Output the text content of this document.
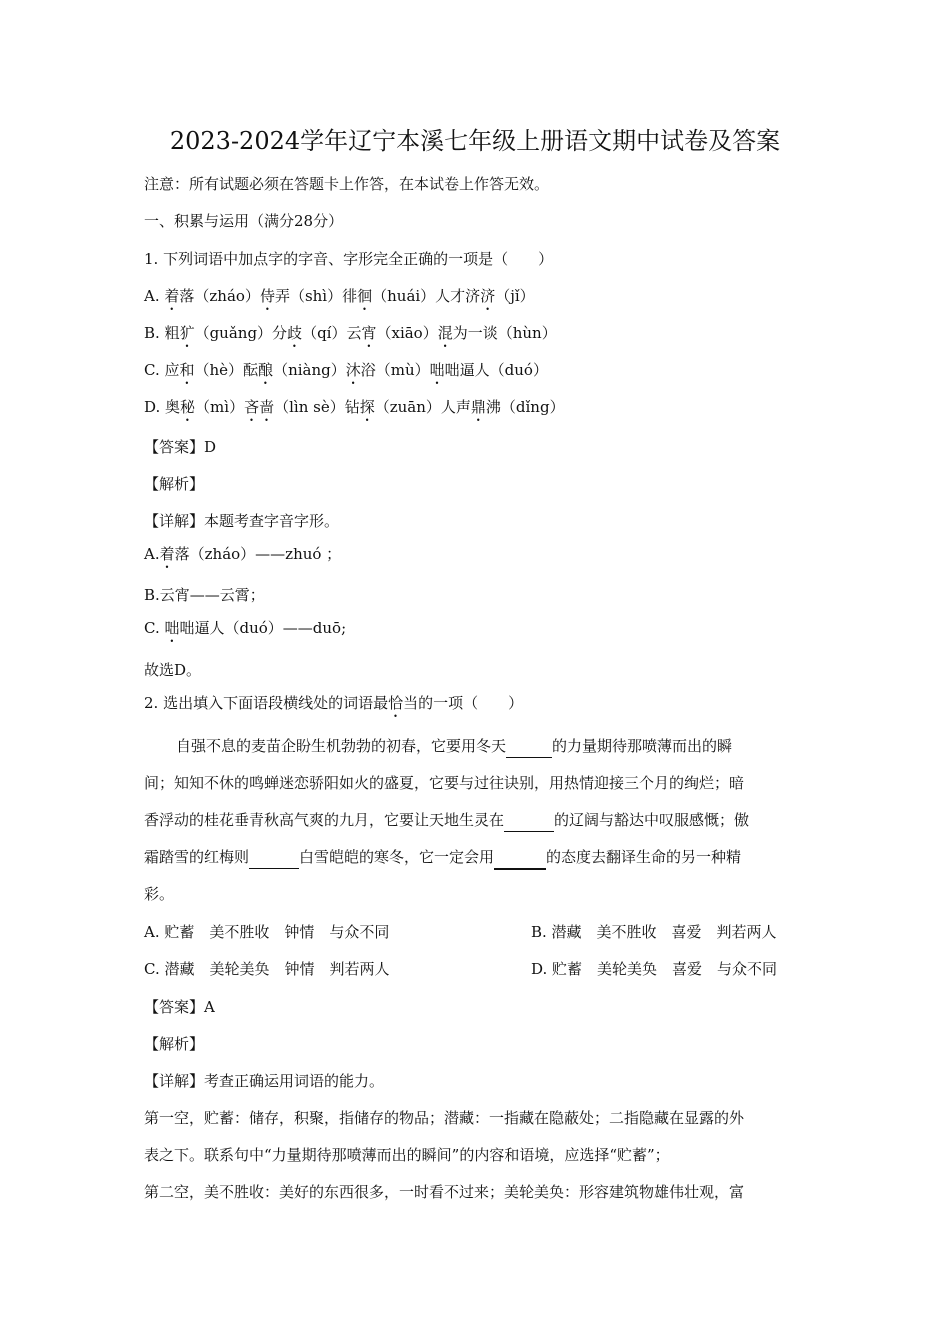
2023-2024学年辽宁本溪七年级上册语文期中试卷及答案
注意：所有试题必须在答题卡上作答，在本试卷上作答无效。
一、积累与运用（满分28分）
1. 下列词语中加点字的字音、字形完全正确的一项是（　　）
A. 着落（zháo）侍弄（shì）徘徊（huái）人才济济（jǐ）
B. 粗犷（guǎng）分歧（qí）云宵（xiāo）混为一谈（hùn）
C. 应和（hè）酝酿（niàng）沐浴（mù）咄咄逼人（duó）
D. 奥秘（mì）吝啬（lìn sè）钻探（zuān）人声鼎沸（dǐng）
【答案】D
【解析】
【详解】本题考查字音字形。
A.着落（zháo）——zhuó ；
B.云宵——云霄；
C. 咄咄逼人（duó）——duō;
故选D。
2. 选出填入下面语段横线处的词语最恰当的一项（　　）
自强不息的麦苗企盼生机勃勃的初春，它要用冬天	的力量期待那喷薄而出的瞬
间；知知不休的鸣蝉迷恋骄阳如火的盛夏，它要与过往诀别，用热情迎接三个月的绚烂；暗
香浮动的桂花垂青秋高气爽的九月，它要让天地生灵在	的辽阔与豁达中叹服感慨；傲
霜踏雪的红梅则	白雪皑皑的寒冬，它一定会用	的态度去翻译生命的另一种精
彩。
A. 贮蓄　美不胜收　钟情　与众不同	B. 潜藏　美不胜收　喜爱　判若两人
C. 潜藏　美轮美奂　钟情　判若两人	D. 贮蓄　美轮美奂　喜爱　与众不同
【答案】A
【解析】
【详解】考查正确运用词语的能力。
第一空，贮蓄：储存，积聚，指储存的物品；潜藏：一指藏在隐蔽处；二指隐藏在显露的外
表之下。联系句中“力量期待那喷薄而出的瞬间”的内容和语境，应选择“贮蓄”；
第二空，美不胜收：美好的东西很多，一时看不过来；美轮美奂：形容建筑物雄伟壮观，富
